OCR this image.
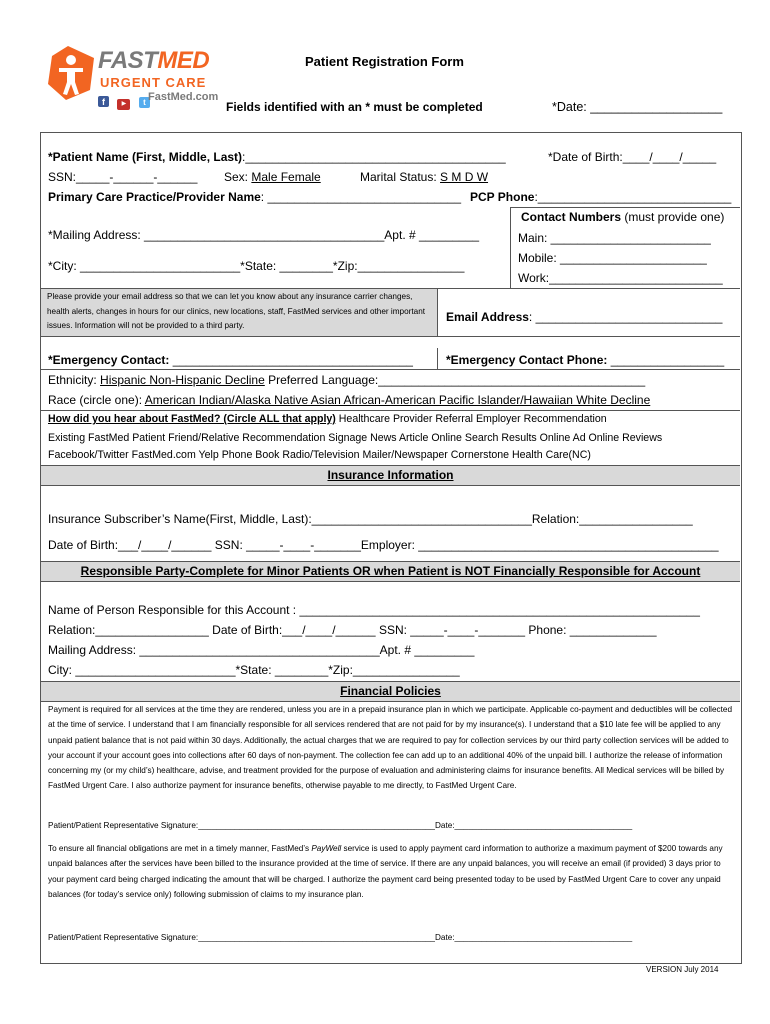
FASTMED
URGENT CARE
f	▶ t FastMed.com
Patient Registration Form
Fields identified with an * must be completed	*Date: ___________________
*Patient Name (First, Middle, Last):_______________________________________	*Date of Birth:____/____/_____
SSN:_____-______-______ Sex: Male Female	Marital Status: S M D W
Primary Care Practice/Provider Name: _____________________________ PCP Phone:_____________________________
*Mailing Address: ____________________________________Apt. # _________
*City: ________________________*State: ________*Zip:________________
Contact Numbers (must provide one)
Main: ________________________
Mobile: ______________________
Work:__________________________
Please provide your email address so that we can let you know about any insurance carrier changes, health alerts, changes in hours for our clinics, new locations, staff, FastMed services and other important issues. Information will not be provided to a third party.
Email Address: ____________________________
*Emergency Contact: ____________________________________	*Emergency Contact Phone: _________________
Ethnicity: Hispanic Non-Hispanic Decline Preferred Language:________________________________________
Race (circle one): American Indian/Alaska Native Asian African-American Pacific Islander/Hawaiian White Decline
How did you hear about FastMed? (Circle ALL that apply) Healthcare Provider Referral Employer Recommendation
Existing FastMed Patient Friend/Relative Recommendation Signage News Article Online Search Results Online Ad Online Reviews
Facebook/Twitter FastMed.com Yelp Phone Book Radio/Television Mailer/Newspaper Cornerstone Health Care(NC)
Insurance Information
Insurance Subscriber’s Name(First, Middle, Last):_________________________________Relation:_________________
Date of Birth:___/____/______ SSN: _____-____-_______Employer: _____________________________________________
Responsible Party-Complete for Minor Patients OR when Patient is NOT Financially Responsible for Account
Name of Person Responsible for this Account : ____________________________________________________________
Relation:_________________ Date of Birth:___/____/______ SSN: _____-____-_______ Phone: _____________
Mailing Address: ____________________________________Apt. # _________
City: ________________________*State: ________*Zip:________________
Financial Policies
Payment is required for all services at the time they are rendered, unless you are in a prepaid insurance plan in which we participate. Applicable co-payment and deductibles will be collected at the time of service. I understand that I am financially responsible for all services rendered that are not paid for by my insurance(s). I understand that a $10 late fee will be applied to any unpaid patient balance that is not paid within 30 days. Additionally, the actual charges that we are required to pay for collection services by our third party collection services will be added to your account if your account goes into collections after 60 days of non-payment. The collection fee can add up to an additional 40% of the unpaid bill. I authorize the release of information concerning my (or my child’s) healthcare, advise, and treatment provided for the purpose of evaluation and administering claims for insurance benefits. All Medical services will be billed by FastMed Urgent Care. I also authorize payment for insurance benefits, otherwise payable to me directly, to FastMed Urgent Care.
Patient/Patient Representative Signature:____________________________________________________Date:_______________________________________
To ensure all financial obligations are met in a timely manner, FastMed’s PayWell service is used to apply payment card information to authorize a maximum payment of $200 towards any unpaid balances after the services have been billed to the insurance provided at the time of service. If there are any unpaid balances, you will receive an email (if provided) 3 days prior to your payment card being charged indicating the amount that will be charged. I authorize the payment card being presented today to be used by FastMed Urgent Care to cover any unpaid balances (for today’s service only) following submission of claims to my insurance plan.
Patient/Patient Representative Signature:____________________________________________________Date:_______________________________________
VERSION July 2014
